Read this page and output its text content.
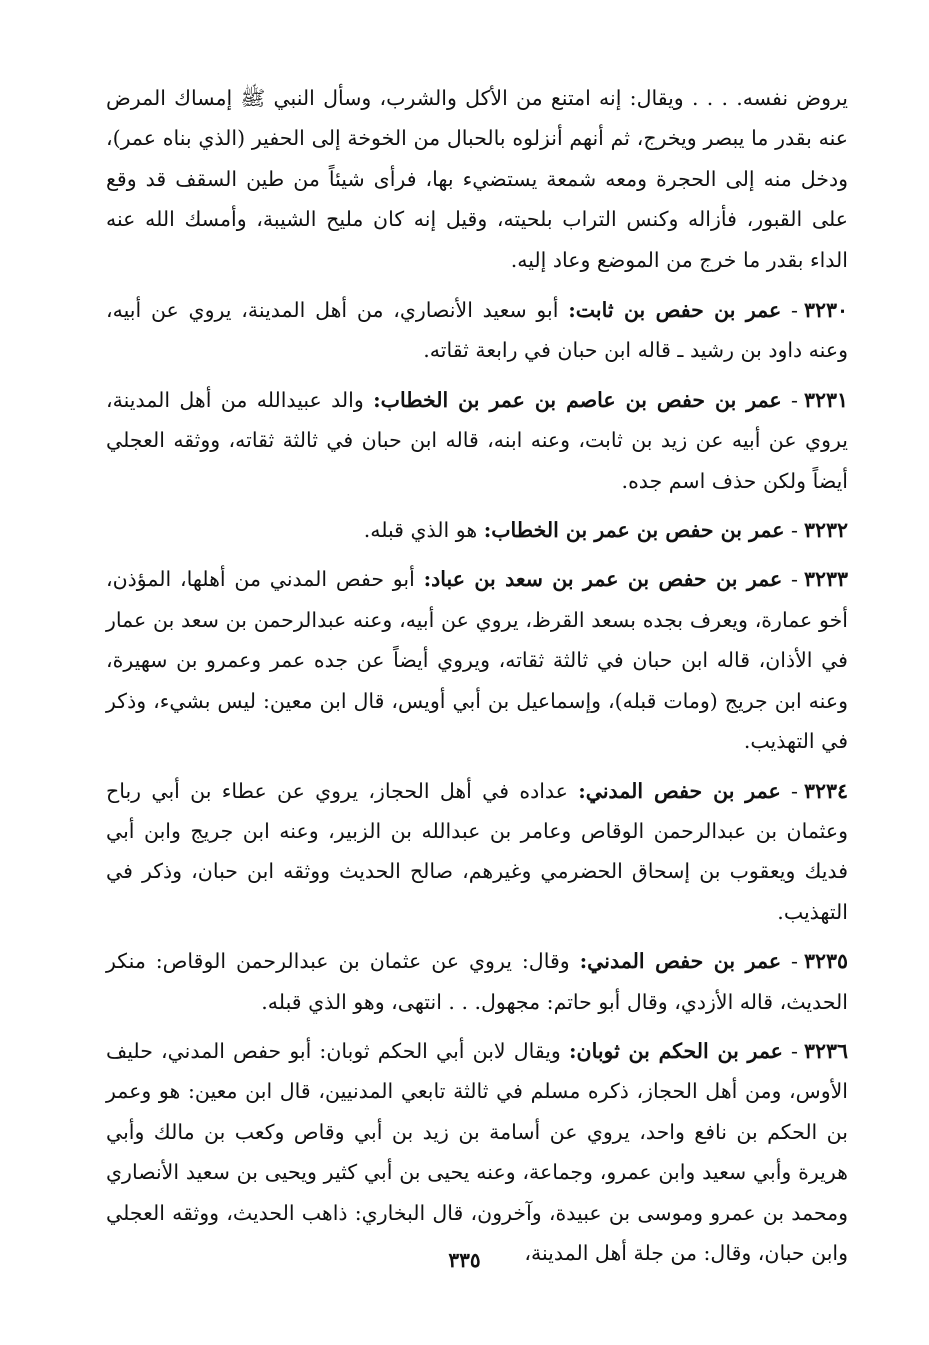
يروض نفسه. . . . ويقال: إنه امتنع من الأكل والشرب، وسأل النبي ﷺ إمساك المرض عنه بقدر ما يبصر ويخرج، ثم أنهم أنزلوه بالحبال من الخوخة إلى الحفير (الذي بناه عمر)، ودخل منه إلى الحجرة ومعه شمعة يستضيء بها، فرأى شيئاً من طين السقف قد وقع على القبور، فأزاله وكنس التراب بلحيته، وقيل إنه كان مليح الشيبة، وأمسك الله عنه الداء بقدر ما خرج من الموضع وعاد إليه.

٣٢٣٠- عمر بن حفص بن ثابت: أبو سعيد الأنصاري، من أهل المدينة، يروي عن أبيه، وعنه داود بن رشيد ـ قاله ابن حبان في رابعة ثقاته.

٣٢٣١- عمر بن حفص بن عاصم بن عمر بن الخطاب: والد عبيدالله من أهل المدينة، يروي عن أبيه عن زيد بن ثابت، وعنه ابنه، قاله ابن حبان في ثالثة ثقاته، ووثقه العجلي أيضاً ولكن حذف اسم جده.

٣٢٣٢- عمر بن حفص بن عمر بن الخطاب: هو الذي قبله.

٣٢٣٣- عمر بن حفص بن عمر بن سعد بن عباد: أبو حفص المدني من أهلها، المؤذن، أخو عمارة، ويعرف بجده بسعد القرظ، يروي عن أبيه، وعنه عبدالرحمن بن سعد بن عمار في الأذان، قاله ابن حبان في ثالثة ثقاته، ويروي أيضاً عن جده عمر وعمرو بن سهيرة، وعنه ابن جريج (ومات قبله)، وإسماعيل بن أبي أويس، قال ابن معين: ليس بشيء، وذكر في التهذيب.

٣٢٣٤- عمر بن حفص المدني: عداده في أهل الحجاز، يروي عن عطاء بن أبي رباح وعثمان بن عبدالرحمن الوقاص وعامر بن عبدالله بن الزبير، وعنه ابن جريج وابن أبي فديك ويعقوب بن إسحاق الحضرمي وغيرهم، صالح الحديث ووثقه ابن حبان، وذكر في التهذيب.

٣٢٣٥- عمر بن حفص المدني: وقال: يروي عن عثمان بن عبدالرحمن الوقاص: منكر الحديث، قاله الأزدي، وقال أبو حاتم: مجهول. . . انتهى، وهو الذي قبله.

٣٢٣٦- عمر بن الحكم بن ثوبان: ويقال لابن أبي الحكم ثوبان: أبو حفص المدني، حليف الأوس، ومن أهل الحجاز، ذكره مسلم في ثالثة تابعي المدنيين، قال ابن معين: هو وعمر بن الحكم بن نافع واحد، يروي عن أسامة بن زيد بن أبي وقاص وكعب بن مالك وأبي هريرة وأبي سعيد وابن عمرو، وجماعة، وعنه يحيى بن أبي كثير ويحيى بن سعيد الأنصاري ومحمد بن عمرو وموسى بن عبيدة، وآخرون، قال البخاري: ذاهب الحديث، ووثقه العجلي وابن حبان، وقال: من جلة أهل المدينة،

٣٣٥
